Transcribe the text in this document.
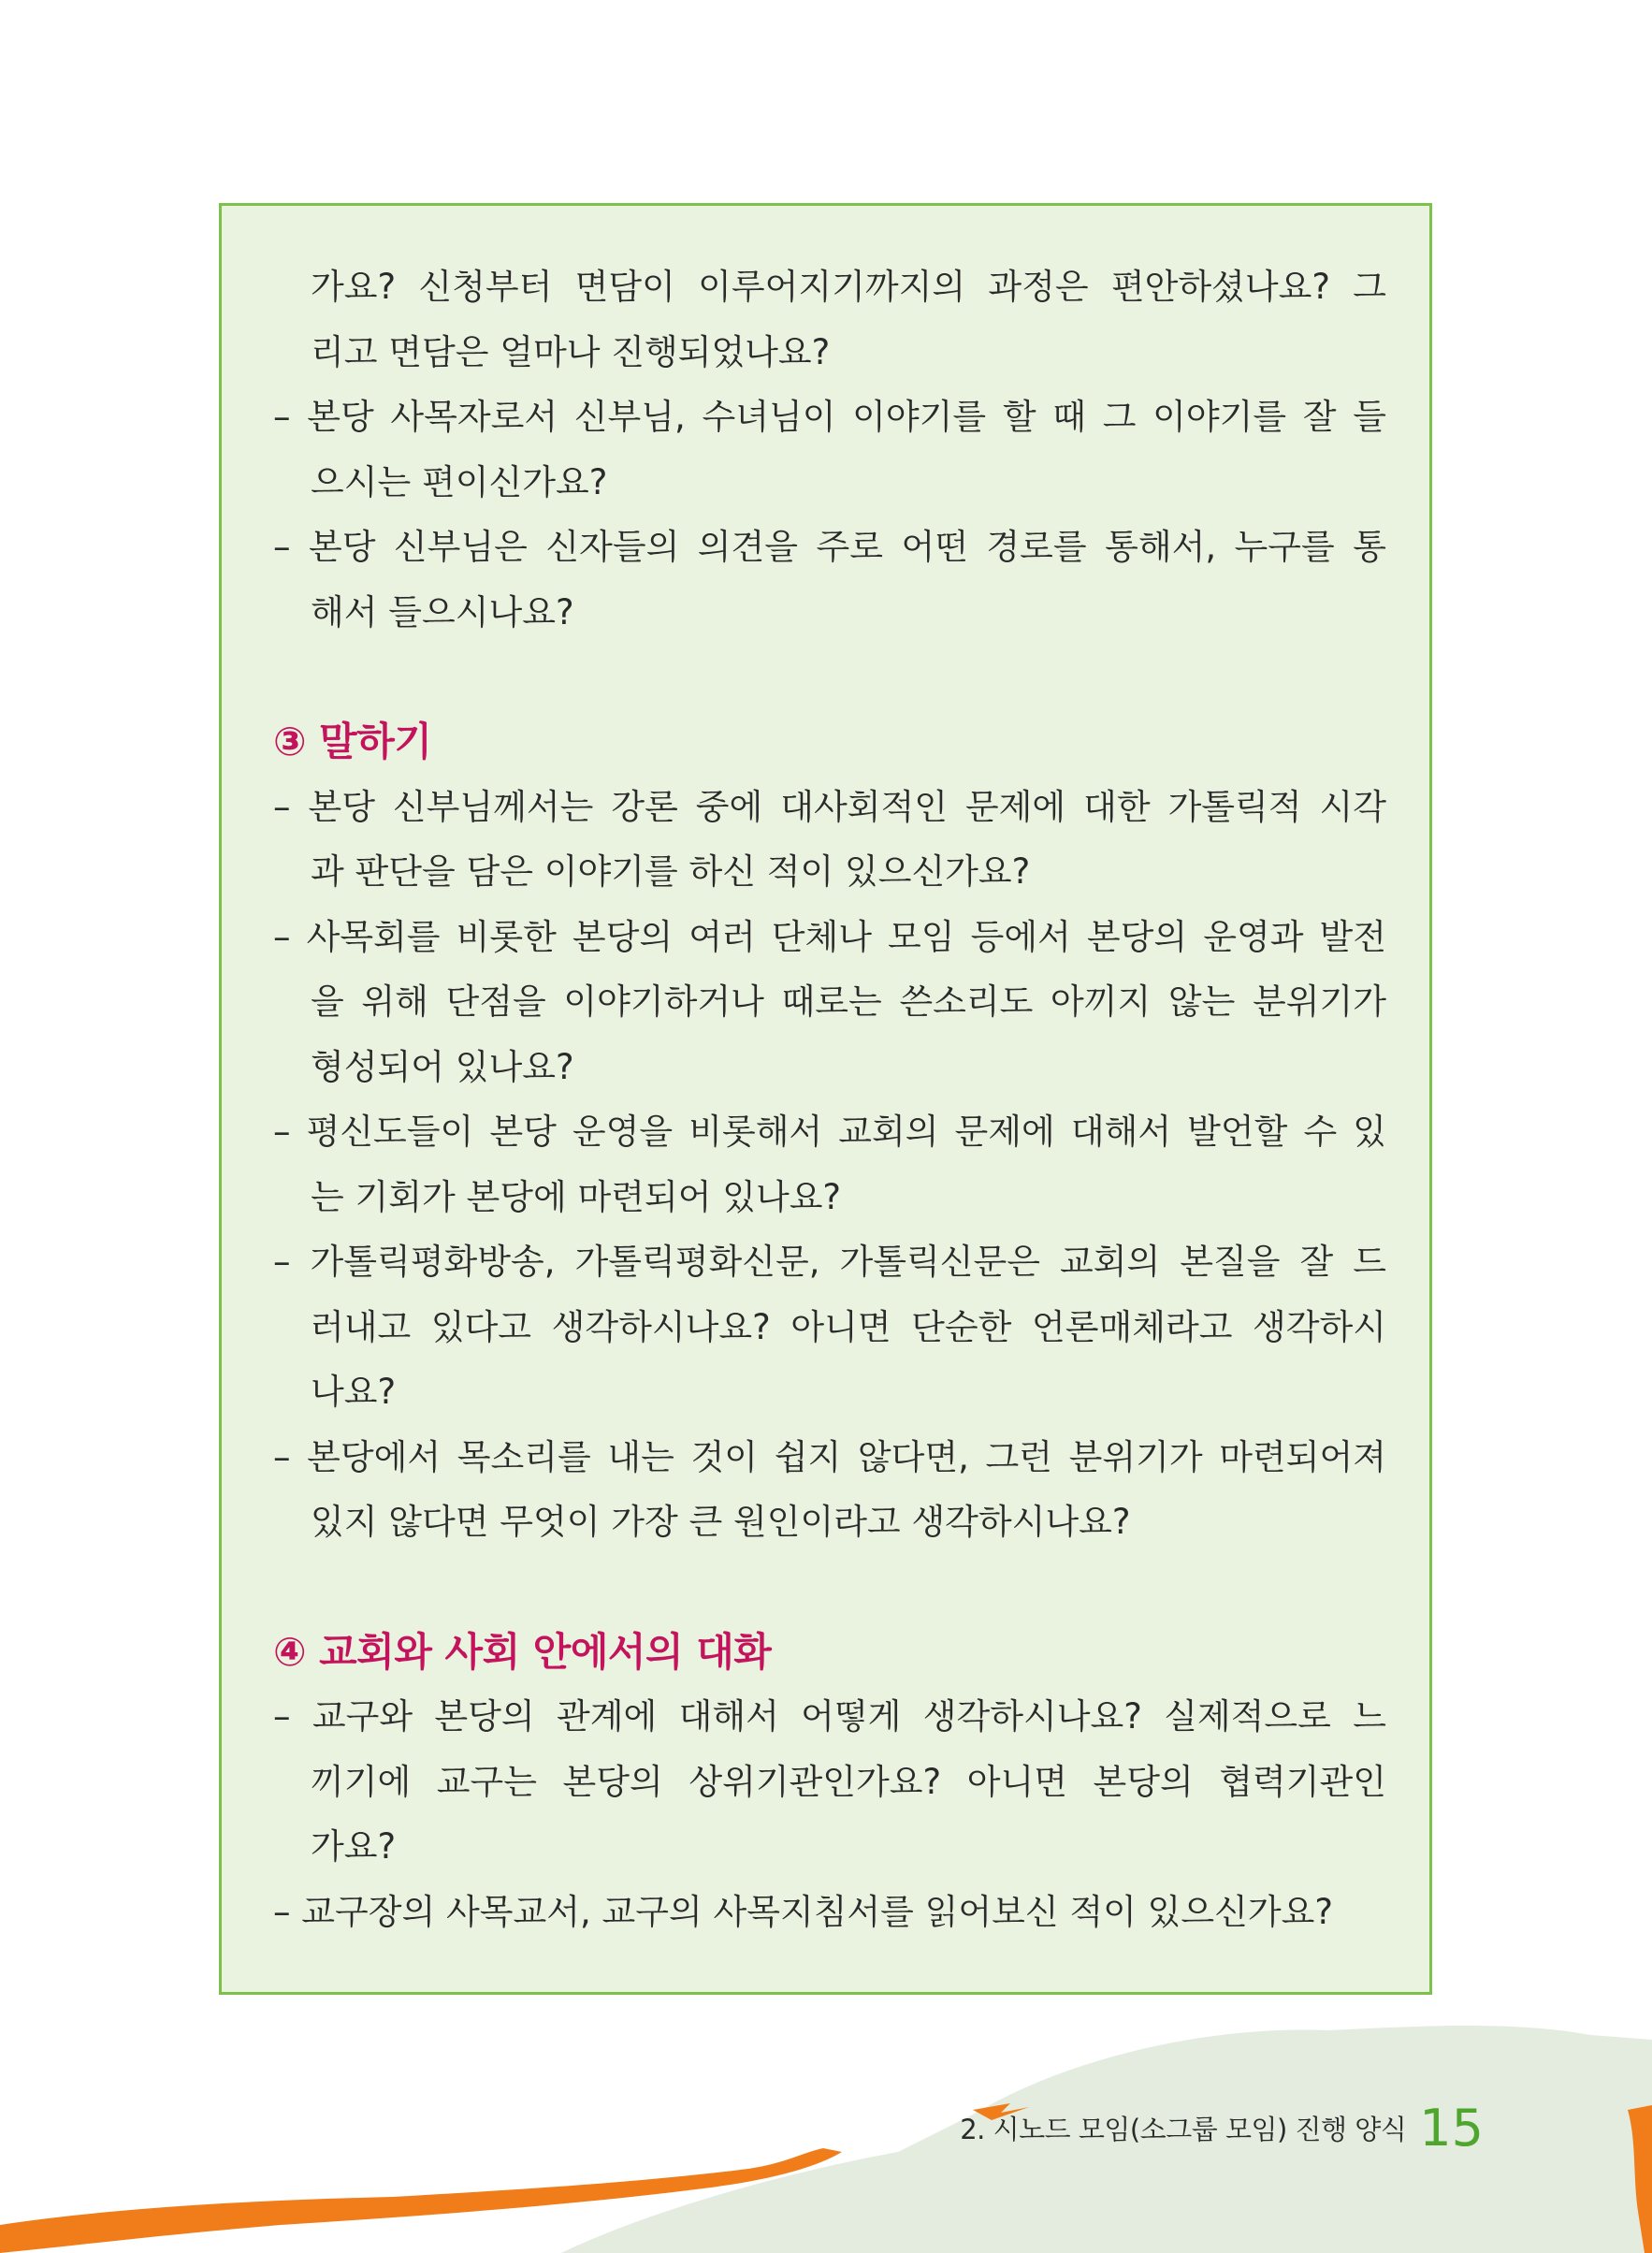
가요? 신청부터 면담이 이루어지기까지의 과정은 편안하셨나요? 그
리고 면담은 얼마나 진행되었나요?
– 본당 사목자로서 신부님, 수녀님이 이야기를 할 때 그 이야기를 잘 들
으시는 편이신가요?
– 본당 신부님은 신자들의 의견을 주로 어떤 경로를 통해서, 누구를 통
해서 들으시나요?
③ 말하기
– 본당 신부님께서는 강론 중에 대사회적인 문제에 대한 가톨릭적 시각
과 판단을 담은 이야기를 하신 적이 있으신가요?
– 사목회를 비롯한 본당의 여러 단체나 모임 등에서 본당의 운영과 발전
을 위해 단점을 이야기하거나 때로는 쓴소리도 아끼지 않는 분위기가
형성되어 있나요?
– 평신도들이 본당 운영을 비롯해서 교회의 문제에 대해서 발언할 수 있
는 기회가 본당에 마련되어 있나요?
– 가톨릭평화방송, 가톨릭평화신문, 가톨릭신문은 교회의 본질을 잘 드
러내고 있다고 생각하시나요? 아니면 단순한 언론매체라고 생각하시
나요?
– 본당에서 목소리를 내는 것이 쉽지 않다면, 그런 분위기가 마련되어져
있지 않다면 무엇이 가장 큰 원인이라고 생각하시나요?
④ 교회와 사회 안에서의 대화
– 교구와 본당의 관계에 대해서 어떻게 생각하시나요? 실제적으로 느
끼기에 교구는 본당의 상위기관인가요? 아니면 본당의 협력기관인
가요?
– 교구장의 사목교서, 교구의 사목지침서를 읽어보신 적이 있으신가요?
2. 시노드 모임(소그룹 모임) 진행 양식 15
